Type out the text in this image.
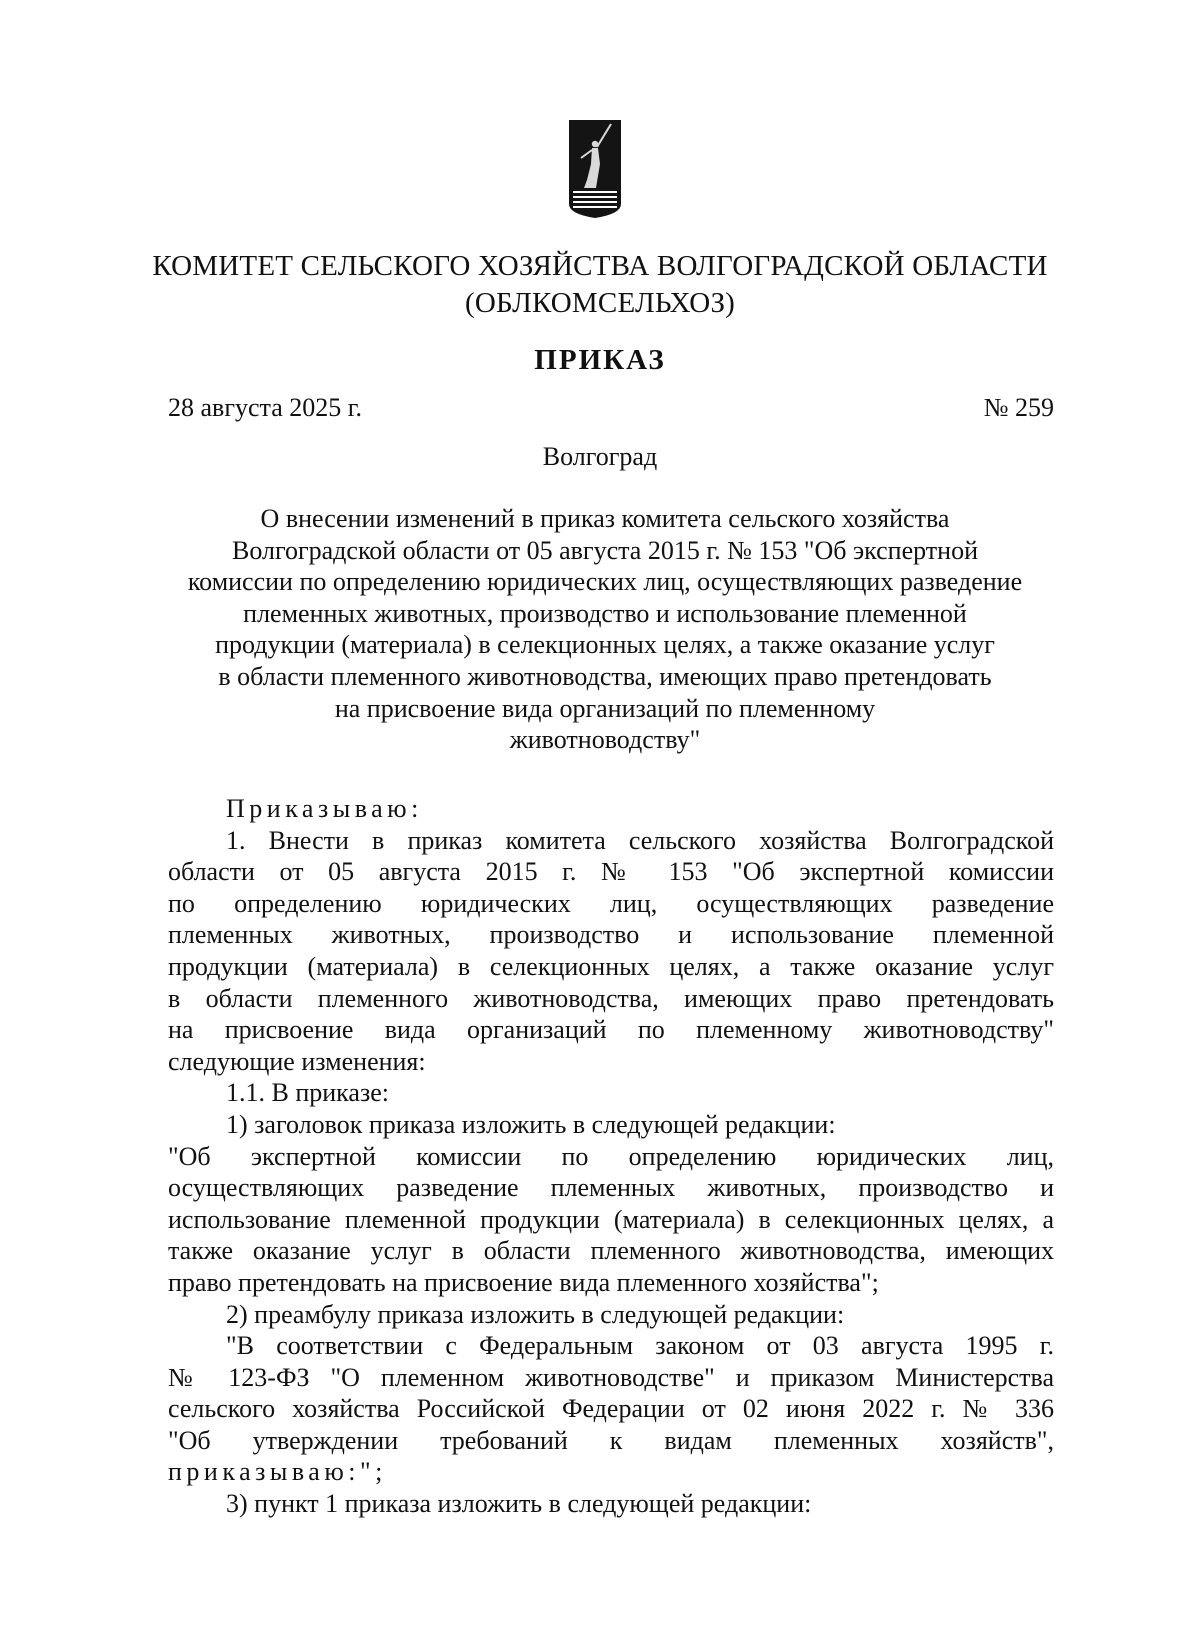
КОМИТЕТ СЕЛЬСКОГО ХОЗЯЙСТВА ВОЛГОГРАДСКОЙ ОБЛАСТИ
(ОБЛКОМСЕЛЬХОЗ)
ПРИКАЗ
28 августа 2025 г.	№ 259
Волгоград
О внесении изменений в приказ комитета сельского хозяйства
Волгоградской области от 05 августа 2015 г. № 153 "Об экспертной
комиссии по определению юридических лиц, осуществляющих разведение
племенных животных, производство и использование племенной
продукции (материала) в селекционных целях, а также оказание услуг
в области племенного животноводства, имеющих право претендовать
на присвоение вида организаций по племенному
животноводству"
Приказываю:
1. Внести в приказ комитета сельского хозяйства Волгоградской
области от 05 августа 2015 г. № 153 "Об экспертной комиссии
по определению юридических лиц, осуществляющих разведение
племенных животных, производство и использование племенной
продукции (материала) в селекционных целях, а также оказание услуг
в области племенного животноводства, имеющих право претендовать
на присвоение вида организаций по племенному животноводству"
следующие изменения:
1.1. В приказе:
1) заголовок приказа изложить в следующей редакции:
"Об экспертной комиссии по определению юридических лиц,
осуществляющих разведение племенных животных, производство и
использование племенной продукции (материала) в селекционных целях, а
также оказание услуг в области племенного животноводства, имеющих
право претендовать на присвоение вида племенного хозяйства";
2) преамбулу приказа изложить в следующей редакции:
"В соответствии с Федеральным законом от 03 августа 1995 г.
№ 123-ФЗ "О племенном животноводстве" и приказом Министерства
сельского хозяйства Российской Федерации от 02 июня 2022 г. № 336
"Об утверждении требований к видам племенных хозяйств",
приказываю:";
3) пункт 1 приказа изложить в следующей редакции:
